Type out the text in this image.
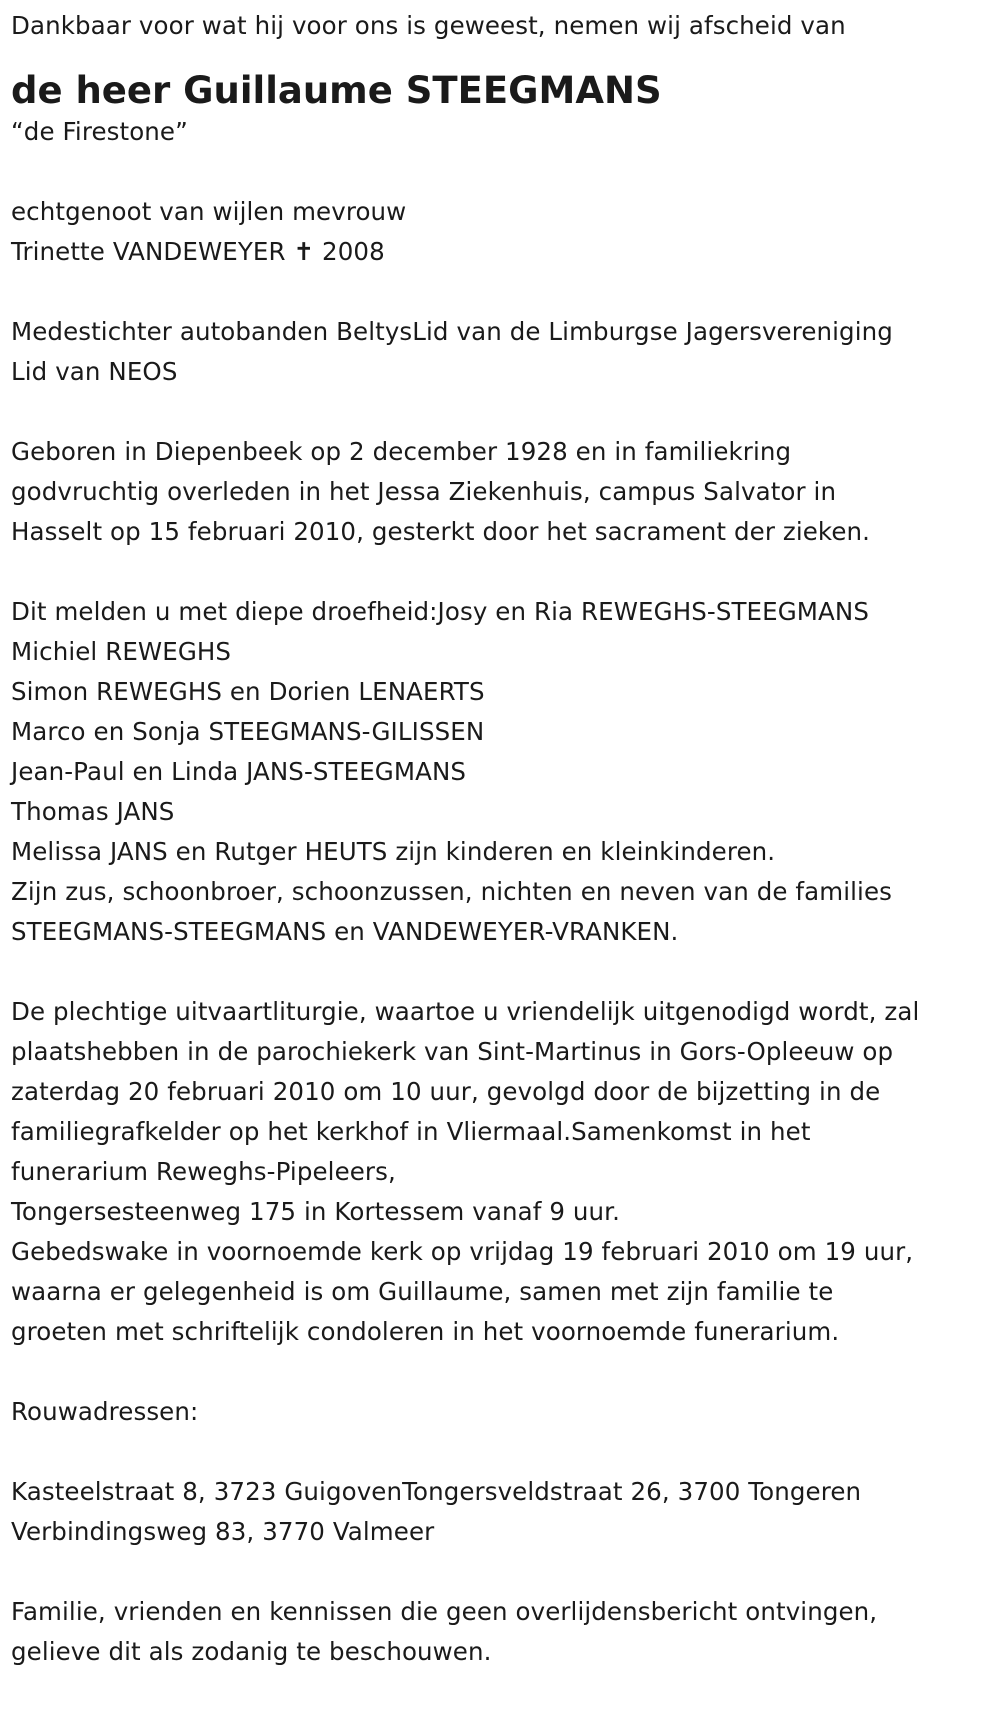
Dankbaar voor wat hij voor ons is geweest, nemen wij afscheid van
de heer Guillaume STEEGMANS
“de Firestone”
echtgenoot van wijlen mevrouw
Trinette VANDEWEYER ✝ 2008
Medestichter autobanden BeltysLid van de Limburgse Jagersvereniging
Lid van NEOS
Geboren in Diepenbeek op 2 december 1928 en in familiekring
godvruchtig overleden in het Jessa Ziekenhuis, campus Salvator in
Hasselt op 15 februari 2010, gesterkt door het sacrament der zieken.
Dit melden u met diepe droefheid:Josy en Ria REWEGHS-STEEGMANS
Michiel REWEGHS
Simon REWEGHS en Dorien LENAERTS
Marco en Sonja STEEGMANS-GILISSEN
Jean-Paul en Linda JANS-STEEGMANS
Thomas JANS
Melissa JANS en Rutger HEUTS zijn kinderen en kleinkinderen.
Zijn zus, schoonbroer, schoonzussen, nichten en neven van de families
STEEGMANS-STEEGMANS en VANDEWEYER-VRANKEN.
De plechtige uitvaartliturgie, waartoe u vriendelijk uitgenodigd wordt, zal
plaatshebben in de parochiekerk van Sint-Martinus in Gors-Opleeuw op
zaterdag 20 februari 2010 om 10 uur, gevolgd door de bijzetting in de
familiegrafkelder op het kerkhof in Vliermaal.Samenkomst in het
funerarium Reweghs-Pipeleers,
Tongersesteenweg 175 in Kortessem vanaf 9 uur.
Gebedswake in voornoemde kerk op vrijdag 19 februari 2010 om 19 uur,
waarna er gelegenheid is om Guillaume, samen met zijn familie te
groeten met schriftelijk condoleren in het voornoemde funerarium.
Rouwadressen:
Kasteelstraat 8, 3723 GuigovenTongersveldstraat 26, 3700 Tongeren
Verbindingsweg 83, 3770 Valmeer
Familie, vrienden en kennissen die geen overlijdensbericht ontvingen,
gelieve dit als zodanig te beschouwen.
